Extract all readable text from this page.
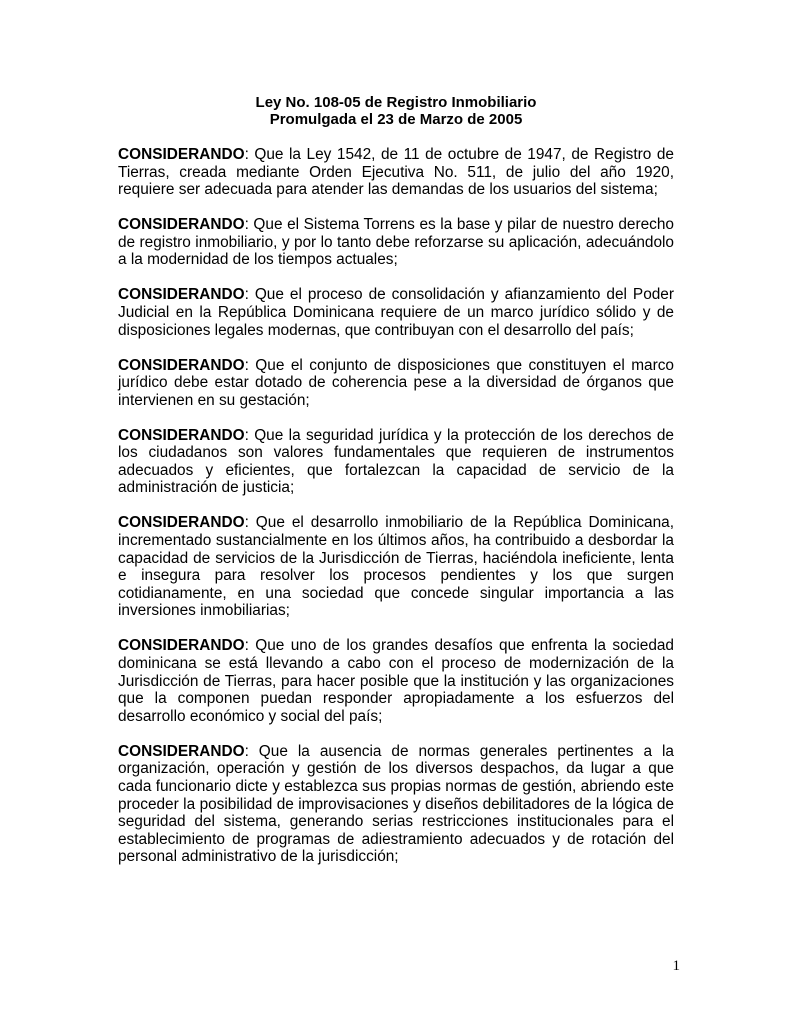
Ley No. 108-05 de Registro Inmobiliario
Promulgada el 23 de Marzo de 2005

CONSIDERANDO: Que la Ley 1542, de 11 de octubre de 1947, de Registro de Tierras, creada mediante Orden Ejecutiva No. 511, de julio del año 1920, requiere ser adecuada para atender las demandas de los usuarios del sistema;

CONSIDERANDO: Que el Sistema Torrens es la base y pilar de nuestro derecho de registro inmobiliario, y por lo tanto debe reforzarse su aplicación, adecuándolo a la modernidad de los tiempos actuales;

CONSIDERANDO: Que el proceso de consolidación y afianzamiento del Poder Judicial en la República Dominicana requiere de un marco jurídico sólido y de disposiciones legales modernas, que contribuyan con el desarrollo del país;

CONSIDERANDO: Que el conjunto de disposiciones que constituyen el marco jurídico debe estar dotado de coherencia pese a la diversidad de órganos que intervienen en su gestación;

CONSIDERANDO: Que la seguridad jurídica y la protección de los derechos de los ciudadanos son valores fundamentales que requieren de instrumentos adecuados y eficientes, que fortalezcan la capacidad de servicio de la administración de justicia;

CONSIDERANDO: Que el desarrollo inmobiliario de la República Dominicana, incrementado sustancialmente en los últimos años, ha contribuido a desbordar la capacidad de servicios de la Jurisdicción de Tierras, haciéndola ineficiente, lenta e insegura para resolver los procesos pendientes y los que surgen cotidianamente, en una sociedad que concede singular importancia a las inversiones inmobiliarias;

CONSIDERANDO: Que uno de los grandes desafíos que enfrenta la sociedad dominicana se está llevando a cabo con el proceso de modernización de la Jurisdicción de Tierras, para hacer posible que la institución y las organizaciones que la componen puedan responder apropiadamente a los esfuerzos del desarrollo económico y social del país;

CONSIDERANDO: Que la ausencia de normas generales pertinentes a la organización, operación y gestión de los diversos despachos, da lugar a que cada funcionario dicte y establezca sus propias normas de gestión, abriendo este proceder la posibilidad de improvisaciones y diseños debilitadores de la lógica de seguridad del sistema, generando serias restricciones institucionales para el establecimiento de programas de adiestramiento adecuados y de rotación del personal administrativo de la jurisdicción;

1
